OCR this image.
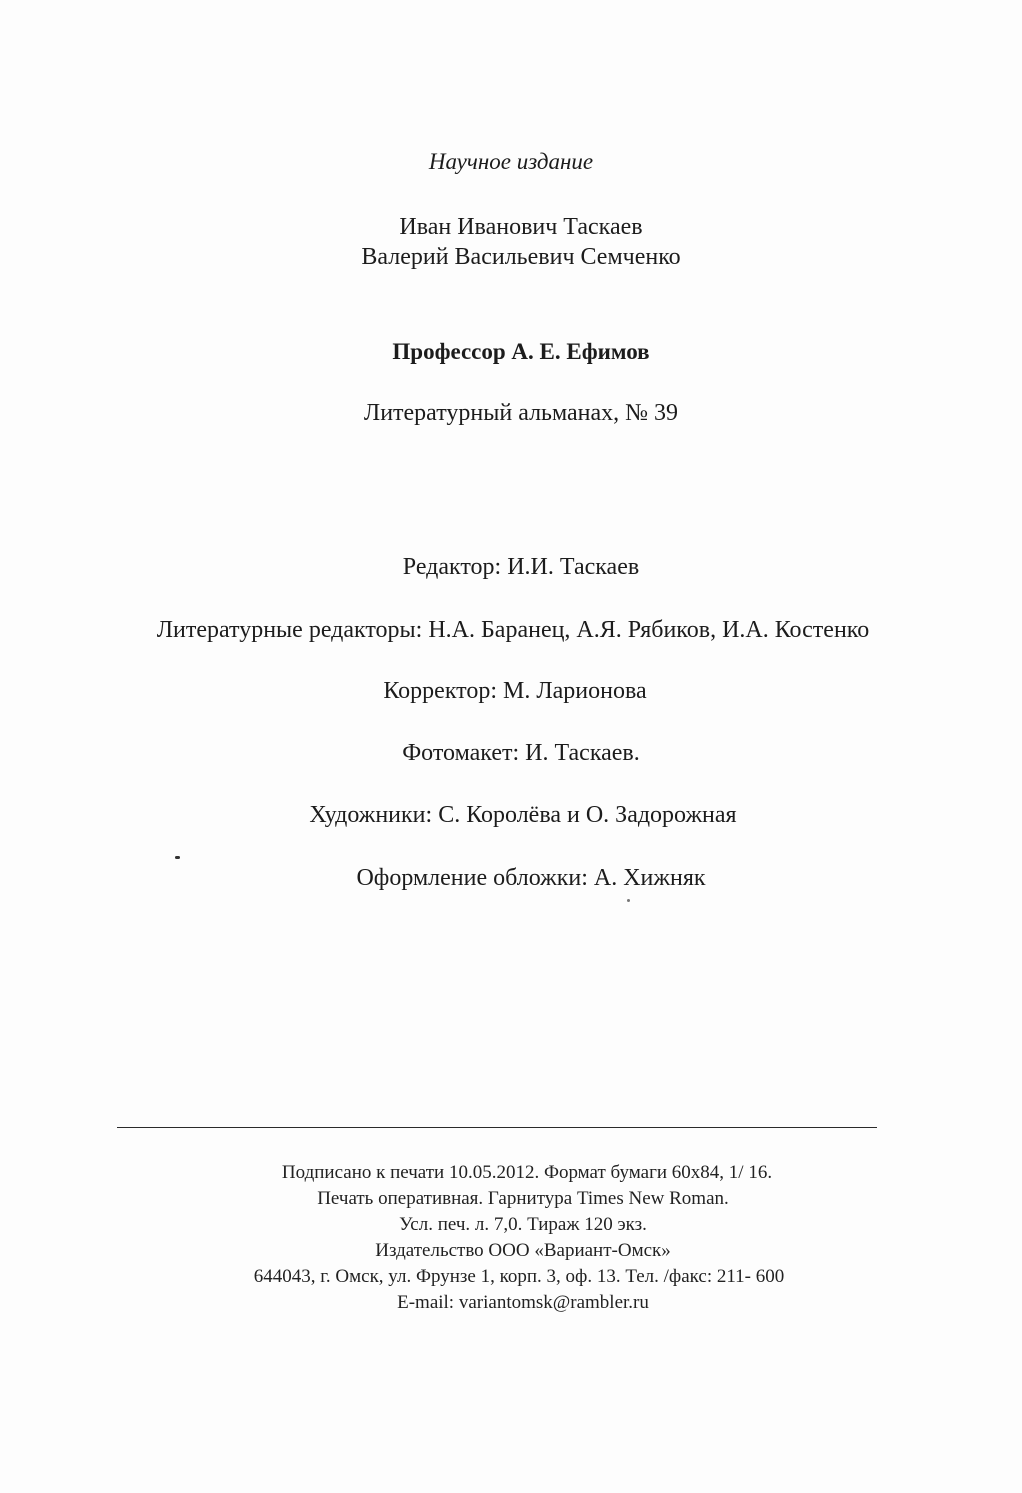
Научное издание
Иван Иванович Таскаев
Валерий Васильевич Семченко
Профессор А. Е. Ефимов
Литературный альманах, № 39
Редактор: И.И. Таскаев
Литературные редакторы: Н.А. Баранец, А.Я. Рябиков, И.А. Костенко
Корректор: М. Ларионова
Фотомакет: И. Таскаев.
Художники: С. Королёва и О. Задорожная
Оформление обложки: А. Хижняк
Подписано к печати 10.05.2012. Формат бумаги 60x84, 1/ 16.
Печать оперативная. Гарнитура Times New Roman.
Усл. печ. л. 7,0. Тираж 120 экз.
Издательство ООО «Вариант-Омск»
644043, г. Омск, ул. Фрунзе 1, корп. 3, оф. 13. Тел. /факс: 211- 600
E-mail: variantomsk@rambler.ru
